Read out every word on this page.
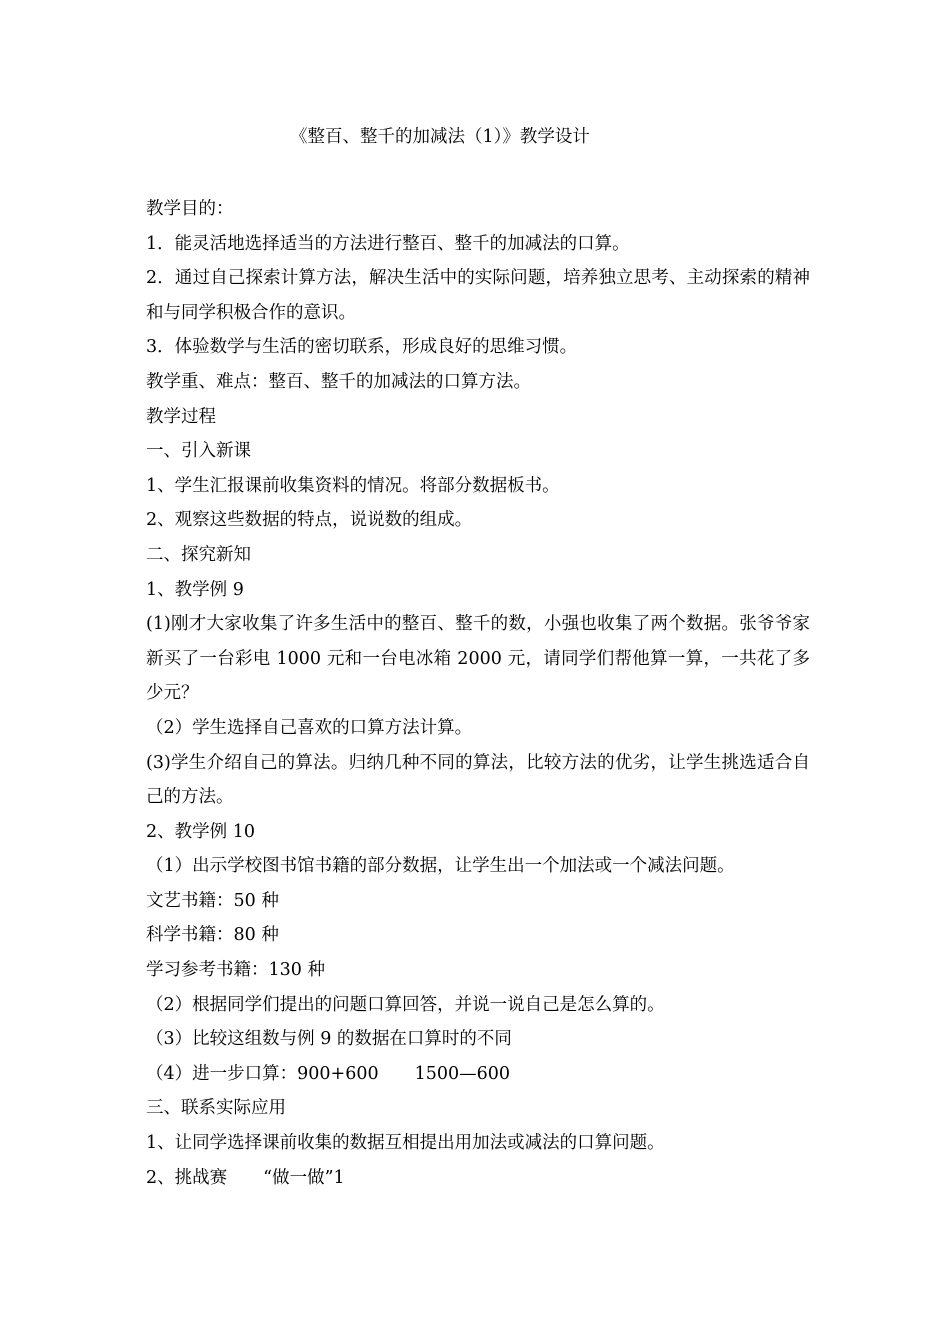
《整百、整千的加减法（1）》教学设计

教学目的：

1．能灵活地选择适当的方法进行整百、整千的加减法的口算。

2．通过自己探索计算方法，解决生活中的实际问题，培养独立思考、主动探索的精神和与同学积极合作的意识。

3．体验数学与生活的密切联系，形成良好的思维习惯。

教学重、难点：整百、整千的加减法的口算方法。

教学过程

一、引入新课

1、学生汇报课前收集资料的情况。将部分数据板书。

2、观察这些数据的特点，说说数的组成。

二、探究新知

1、教学例 9

(1)刚才大家收集了许多生活中的整百、整千的数，小强也收集了两个数据。张爷爷家新买了一台彩电 1000 元和一台电冰箱 2000 元，请同学们帮他算一算，一共花了多少元？

（2）学生选择自己喜欢的口算方法计算。

(3)学生介绍自己的算法。归纳几种不同的算法，比较方法的优劣，让学生挑选适合自己的方法。

2、教学例 10

（1）出示学校图书馆书籍的部分数据，让学生出一个加法或一个减法问题。

文艺书籍：50 种

科学书籍：80 种

学习参考书籍：130 种

（2）根据同学们提出的问题口算回答，并说一说自己是怎么算的。

（3）比较这组数与例 9 的数据在口算时的不同

（4）进一步口算：900+600 1500—600

三、联系实际应用

1、让同学选择课前收集的数据互相提出用加法或减法的口算问题。

2、挑战赛 “做一做”1
